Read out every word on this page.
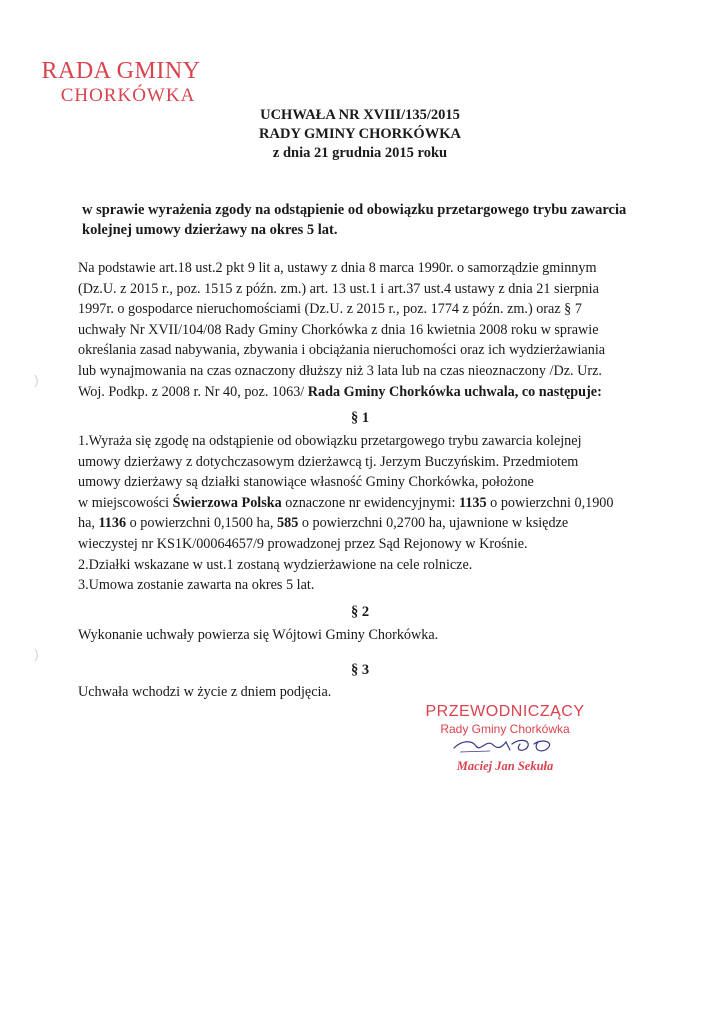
RADA GMINY
CHORKÓWKA
UCHWAŁA NR XVIII/135/2015
RADY GMINY CHORKÓWKA
z dnia 21 grudnia 2015 roku
w sprawie wyrażenia zgody na odstąpienie od obowiązku przetargowego trybu zawarcia
kolejnej umowy dzierżawy na okres 5 lat.
Na podstawie art.18 ust.2 pkt 9 lit a, ustawy z dnia 8 marca 1990r. o samorządzie gminnym
(Dz.U. z 2015 r., poz. 1515 z późn. zm.) art. 13 ust.1 i art.37 ust.4 ustawy z dnia 21 sierpnia
1997r. o gospodarce nieruchomościami (Dz.U. z 2015 r., poz. 1774 z późn. zm.) oraz § 7
uchwały Nr XVII/104/08 Rady Gminy Chorkówka z dnia 16 kwietnia 2008 roku w sprawie
określania zasad nabywania, zbywania i obciążania nieruchomości oraz ich wydzierżawiania
lub wynajmowania na czas oznaczony dłuższy niż 3 lata lub na czas nieoznaczony /Dz. Urz.
Woj. Podkp. z 2008 r. Nr 40, poz. 1063/ Rada Gminy Chorkówka uchwala, co następuje:
§ 1
1.Wyraża się zgodę na odstąpienie od obowiązku przetargowego trybu zawarcia kolejnej
umowy dzierżawy z dotychczasowym dzierżawcą tj. Jerzym Buczyńskim. Przedmiotem
umowy dzierżawy są działki stanowiące własność Gminy Chorkówka, położone
w miejscowości Świerzowa Polska oznaczone nr ewidencyjnymi: 1135 o powierzchni 0,1900
ha, 1136 o powierzchni 0,1500 ha, 585 o powierzchni 0,2700 ha, ujawnione w księdze
wieczystej nr KS1K/00064657/9 prowadzonej przez Sąd Rejonowy w Krośnie.
2.Działki wskazane w ust.1 zostaną wydzierżawione na cele rolnicze.
3.Umowa zostanie zawarta na okres 5 lat.
§ 2
Wykonanie uchwały powierza się Wójtowi Gminy Chorkówka.
§ 3
Uchwała wchodzi w życie z dniem podjęcia.
PRZEWODNICZĄCY
Rady Gminy Chorkówka
Maciej Jan Sekuła
